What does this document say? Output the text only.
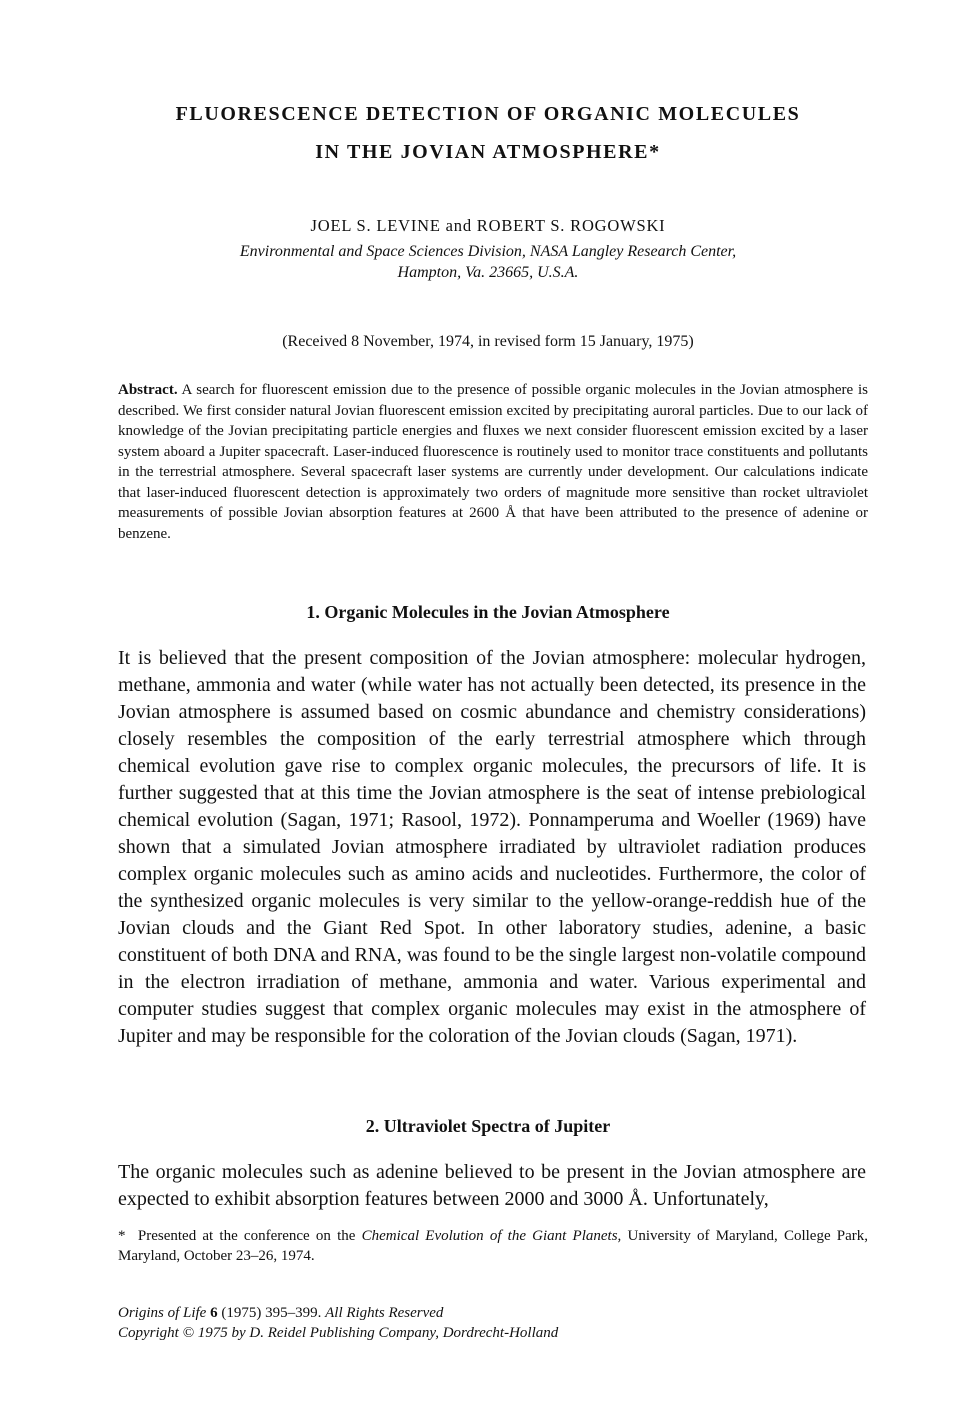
FLUORESCENCE DETECTION OF ORGANIC MOLECULES
IN THE JOVIAN ATMOSPHERE*
JOEL S. LEVINE and ROBERT S. ROGOWSKI
Environmental and Space Sciences Division, NASA Langley Research Center,
Hampton, Va. 23665, U.S.A.
(Received 8 November, 1974, in revised form 15 January, 1975)

Abstract. A search for fluorescent emission due to the presence of possible organic molecules in the Jovian atmosphere is described. We first consider natural Jovian fluorescent emission excited by precipitating auroral particles. Due to our lack of knowledge of the Jovian precipitating particle energies and fluxes we next consider fluorescent emission excited by a laser system aboard a Jupiter spacecraft. Laser-induced fluorescence is routinely used to monitor trace constituents and pollutants in the terrestrial atmosphere. Several spacecraft laser systems are currently under development. Our calculations indicate that laser-induced fluorescent detection is approximately two orders of magnitude more sensitive than rocket ultraviolet measurements of possible Jovian absorption features at 2600 Å that have been attributed to the presence of adenine or benzene.

1. Organic Molecules in the Jovian Atmosphere

It is believed that the present composition of the Jovian atmosphere: molecular hydrogen, methane, ammonia and water (while water has not actually been detected, its presence in the Jovian atmosphere is assumed based on cosmic abundance and chemistry considerations) closely resembles the composition of the early terrestrial atmosphere which through chemical evolution gave rise to complex organic molecules, the precursors of life. It is further suggested that at this time the Jovian atmosphere is the seat of intense prebiological chemical evolution (Sagan, 1971; Rasool, 1972). Ponnamperuma and Woeller (1969) have shown that a simulated Jovian atmosphere irradiated by ultraviolet radiation produces complex organic molecules such as amino acids and nucleotides. Furthermore, the color of the synthesized organic molecules is very similar to the yellow-orange-reddish hue of the Jovian clouds and the Giant Red Spot. In other laboratory studies, adenine, a basic constituent of both DNA and RNA, was found to be the single largest non-volatile compound in the electron irradiation of methane, ammonia and water. Various experimental and computer studies suggest that complex organic molecules may exist in the atmosphere of Jupiter and may be responsible for the coloration of the Jovian clouds (Sagan, 1971).

2. Ultraviolet Spectra of Jupiter

The organic molecules such as adenine believed to be present in the Jovian atmosphere are expected to exhibit absorption features between 2000 and 3000 Å. Unfortunately,

* Presented at the conference on the Chemical Evolution of the Giant Planets, University of Maryland, College Park, Maryland, October 23–26, 1974.

Origins of Life 6 (1975) 395–399. All Rights Reserved
Copyright © 1975 by D. Reidel Publishing Company, Dordrecht-Holland
